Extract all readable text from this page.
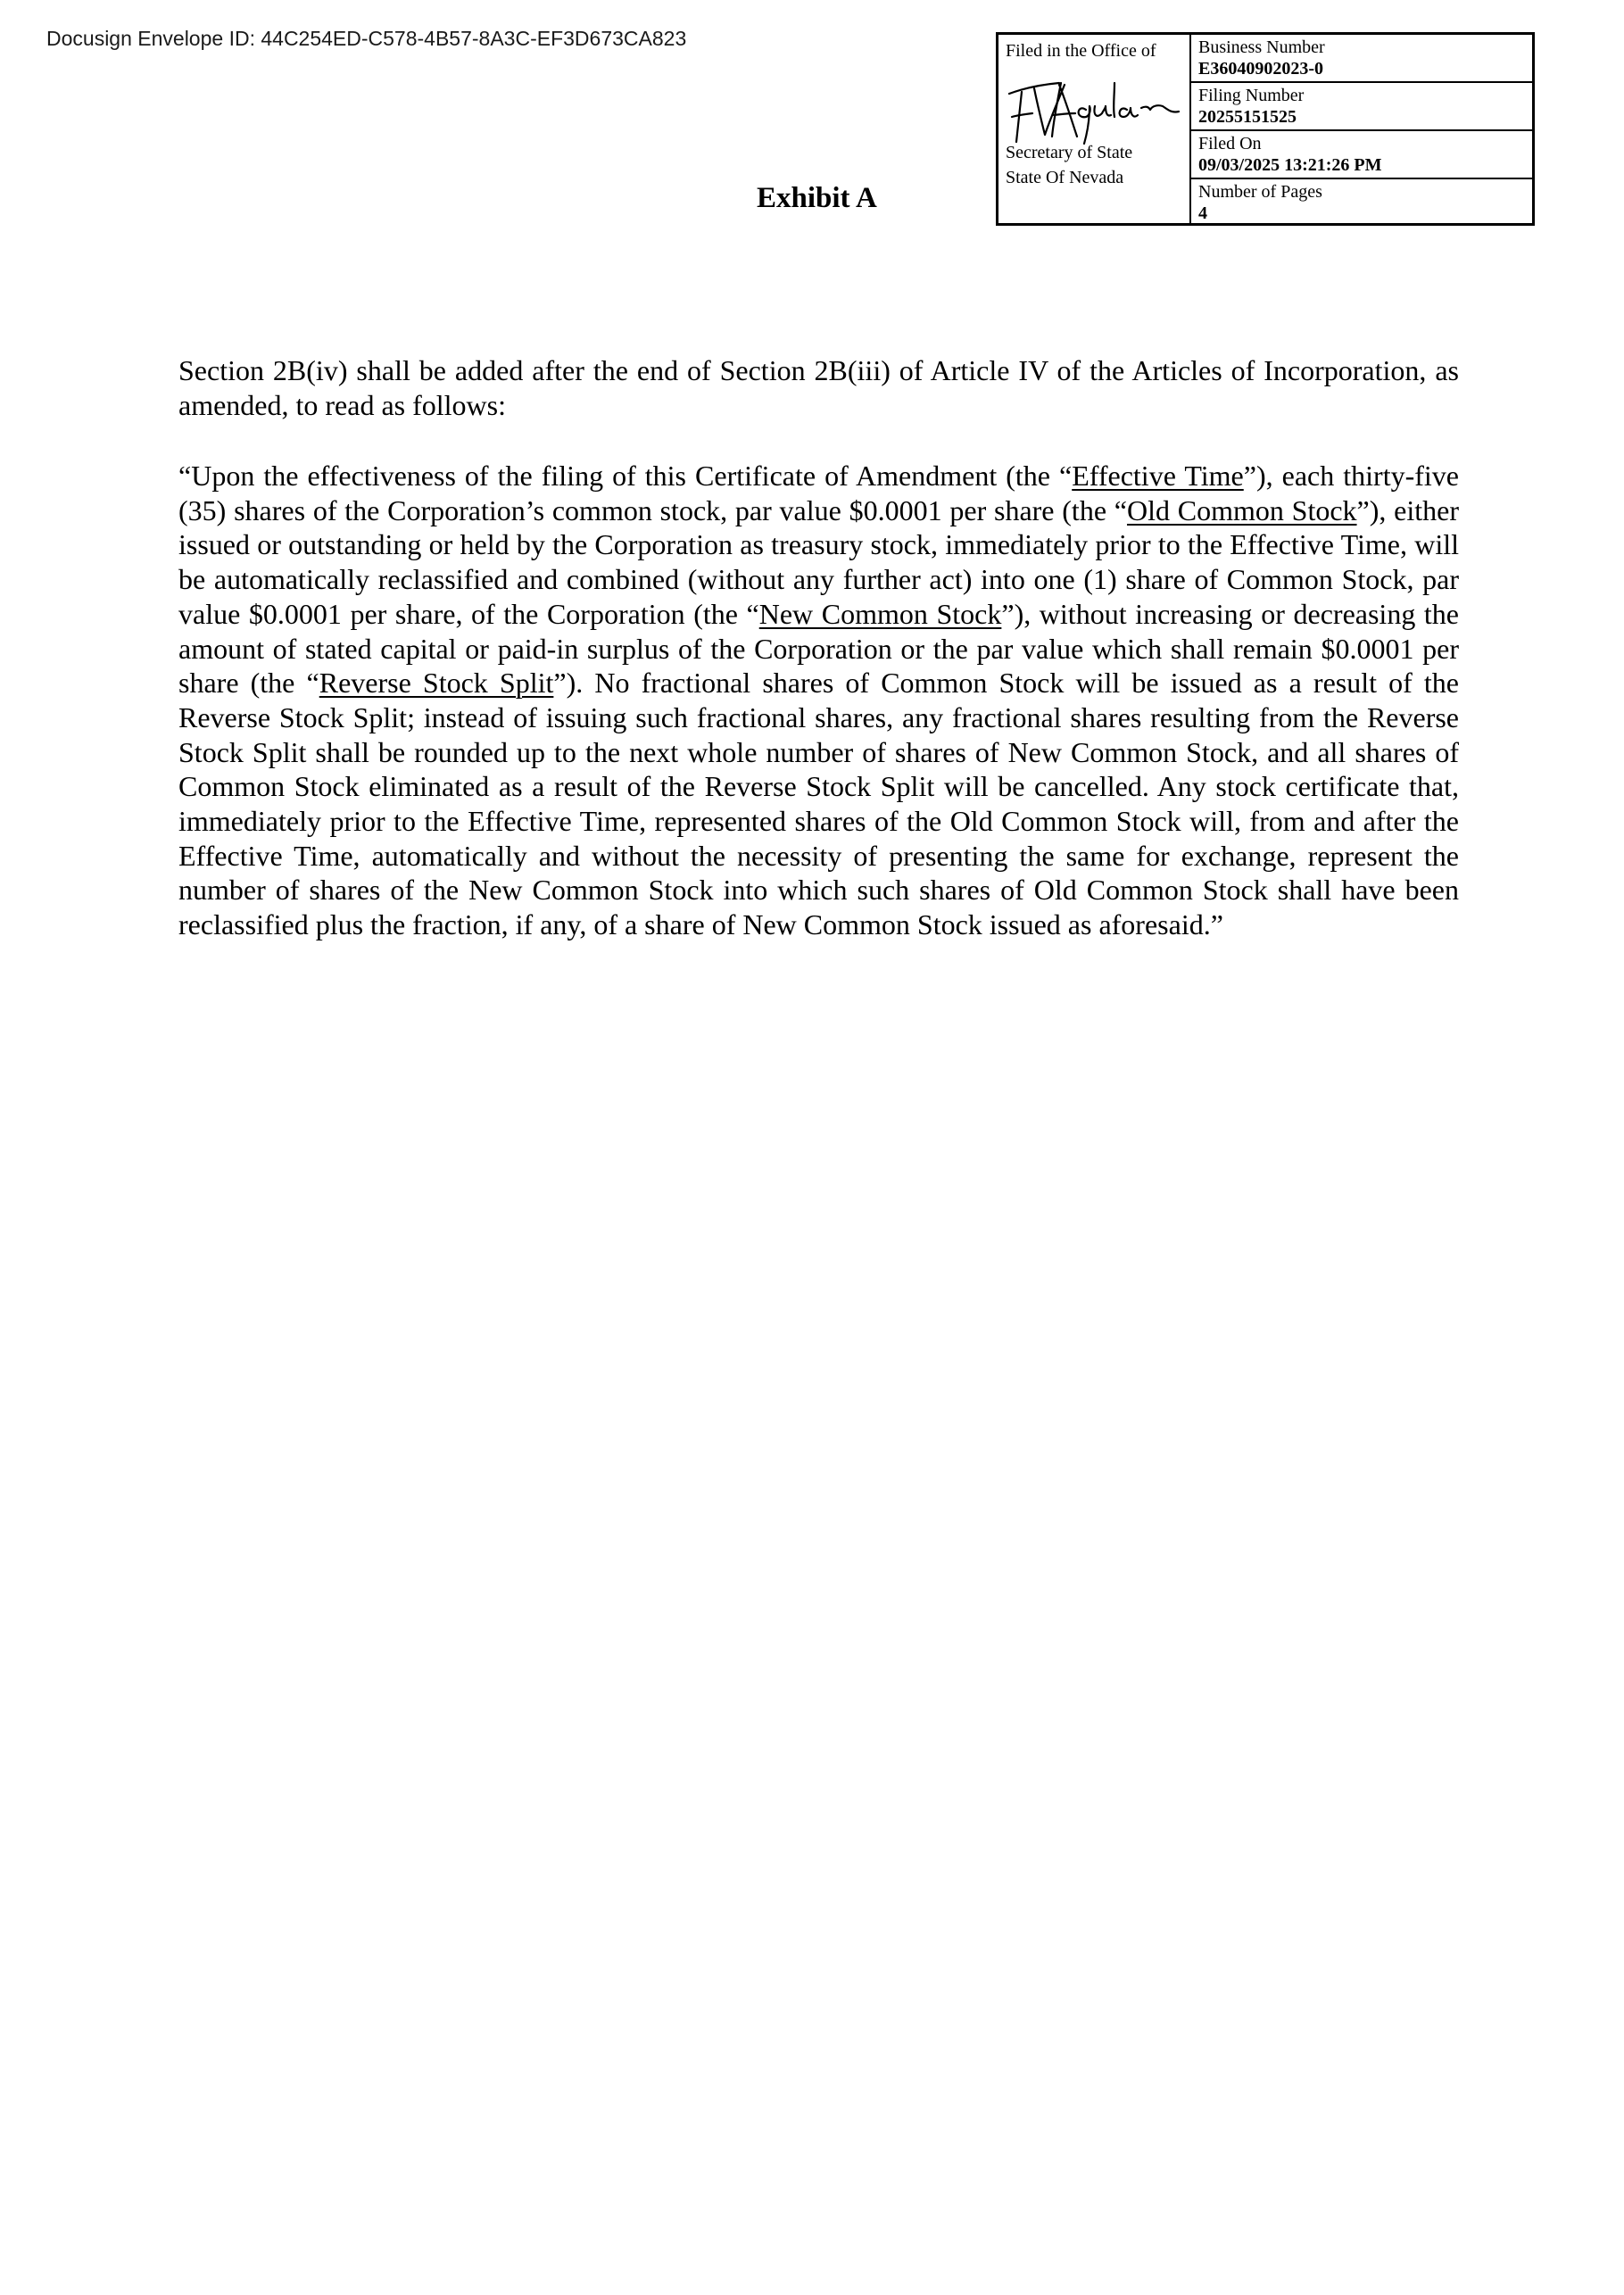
Docusign Envelope ID: 44C254ED-C578-4B57-8A3C-EF3D673CA823
Filed in the Office of
Secretary of State
State Of Nevada
Business Number
E36040902023-0
Filing Number
20255151525
Filed On
09/03/2025 13:21:26 PM
Number of Pages
4
Exhibit A

Section 2B(iv) shall be added after the end of Section 2B(iii) of Article IV of the Articles of Incorporation, as amended, to read as follows:

“Upon the effectiveness of the filing of this Certificate of Amendment (the “Effective Time”), each thirty-five (35) shares of the Corporation’s common stock, par value $0.0001 per share (the “Old Common Stock”), either issued or outstanding or held by the Corporation as treasury stock, immediately prior to the Effective Time, will be automatically reclassified and combined (without any further act) into one (1) share of Common Stock, par value $0.0001 per share, of the Corporation (the “New Common Stock”), without increasing or decreasing the amount of stated capital or paid-in surplus of the Corporation or the par value which shall remain $0.0001 per share (the “Reverse Stock Split”). No fractional shares of Common Stock will be issued as a result of the Reverse Stock Split; instead of issuing such fractional shares, any fractional shares resulting from the Reverse Stock Split shall be rounded up to the next whole number of shares of New Common Stock, and all shares of Common Stock eliminated as a result of the Reverse Stock Split will be cancelled. Any stock certificate that, immediately prior to the Effective Time, represented shares of the Old Common Stock will, from and after the Effective Time, automatically and without the necessity of presenting the same for exchange, represent the number of shares of the New Common Stock into which such shares of Old Common Stock shall have been reclassified plus the fraction, if any, of a share of New Common Stock issued as aforesaid.”
